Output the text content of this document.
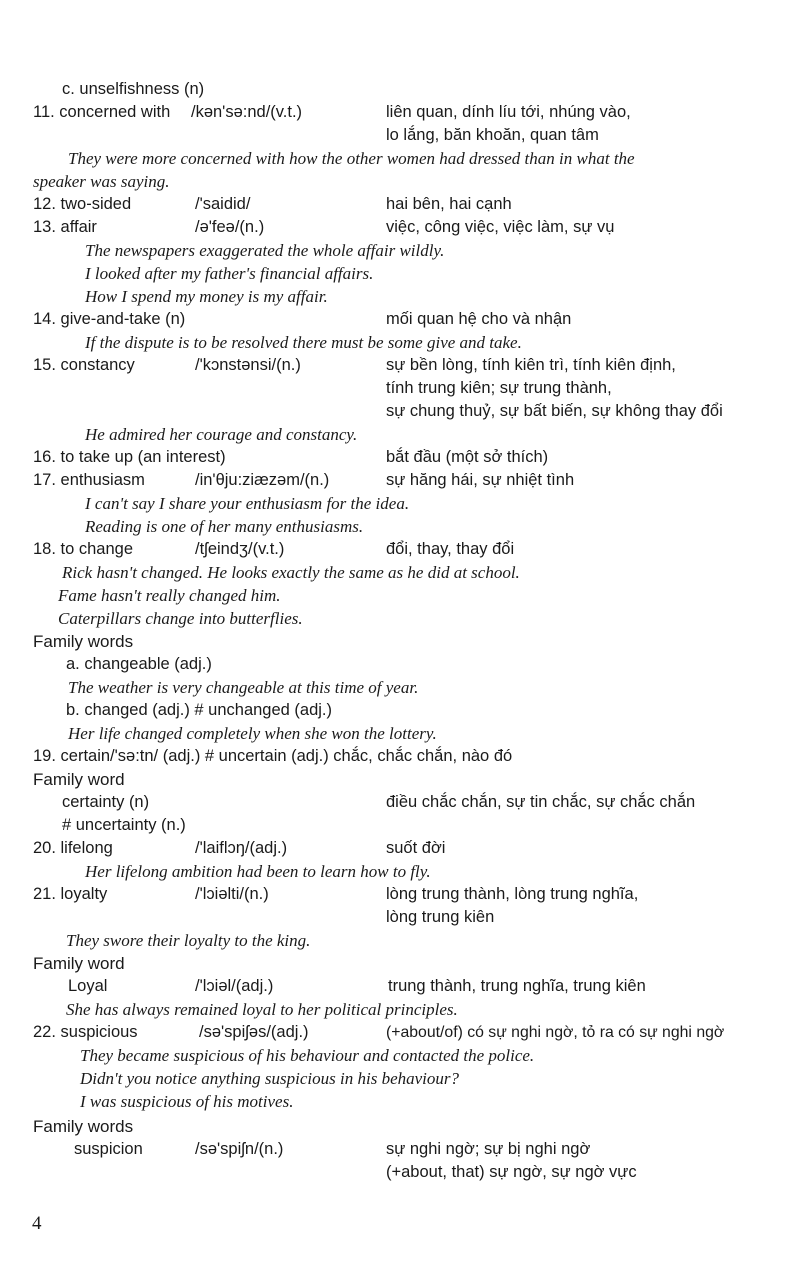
c. unselfishness (n)
11. concerned with /kən'sə:nd/(v.t.)	liên quan, dính líu tới, nhúng vào,
lo lắng, băn khoăn, quan tâm
They were more concerned with how the other women had dressed than in what the
speaker was saying.
12. two-sided	/'saidid/	hai bên, hai cạnh
13. affair	/ə'feə/(n.)	việc, công việc, việc làm, sự vụ
The newspapers exaggerated the whole affair wildly.
I looked after my father's financial affairs.
How I spend my money is my affair.
14. give-and-take (n)	mối quan hệ cho và nhận
If the dispute is to be resolved there must be some give and take.
15. constancy	/'kɔnstənsi/(n.)	sự bền lòng, tính kiên trì, tính kiên định,
tính trung kiên; sự trung thành,
sự chung thuỷ, sự bất biến, sự không thay đổi
He admired her courage and constancy.
16. to take up (an interest)	bắt đầu (một sở thích)
17. enthusiasm	/in'θju:ziæzəm/(n.)	sự hăng hái, sự nhiệt tình
I can't say I share your enthusiasm for the idea.
Reading is one of her many enthusiasms.
18. to change	/tʃeindʒ/(v.t.)	đổi, thay, thay đổi
Rick hasn't changed. He looks exactly the same as he did at school.
Fame hasn't really changed him.
Caterpillars change into butterflies.
Family words
a. changeable (adj.)
The weather is very changeable at this time of year.
b. changed (adj.) # unchanged (adj.)
Her life changed completely when she won the lottery.
19. certain/'sə:tn/ (adj.) # uncertain (adj.) chắc, chắc chắn, nào đó
Family word
certainty (n)	điều chắc chắn, sự tin chắc, sự chắc chắn
# uncertainty (n.)
20. lifelong	/'laiflɔŋ/(adj.)	suốt đời
Her lifelong ambition had been to learn how to fly.
21. loyalty	/'lɔiəlti/(n.)	lòng trung thành, lòng trung nghĩa,
lòng trung kiên
They swore their loyalty to the king.
Family word
Loyal	/'lɔiəl/(adj.)	trung thành, trung nghĩa, trung kiên
She has always remained loyal to her political principles.
22. suspicious	/sə'spiʃəs/(adj.)	(+about/of) có sự nghi ngờ, tỏ ra có sự nghi ngờ
They became suspicious of his behaviour and contacted the police.
Didn't you notice anything suspicious in his behaviour?
I was suspicious of his motives.
Family words
suspicion	/sə'spiʃn/(n.)	sự nghi ngờ; sự bị nghi ngờ
(+about, that) sự ngờ, sự ngờ vực
4
